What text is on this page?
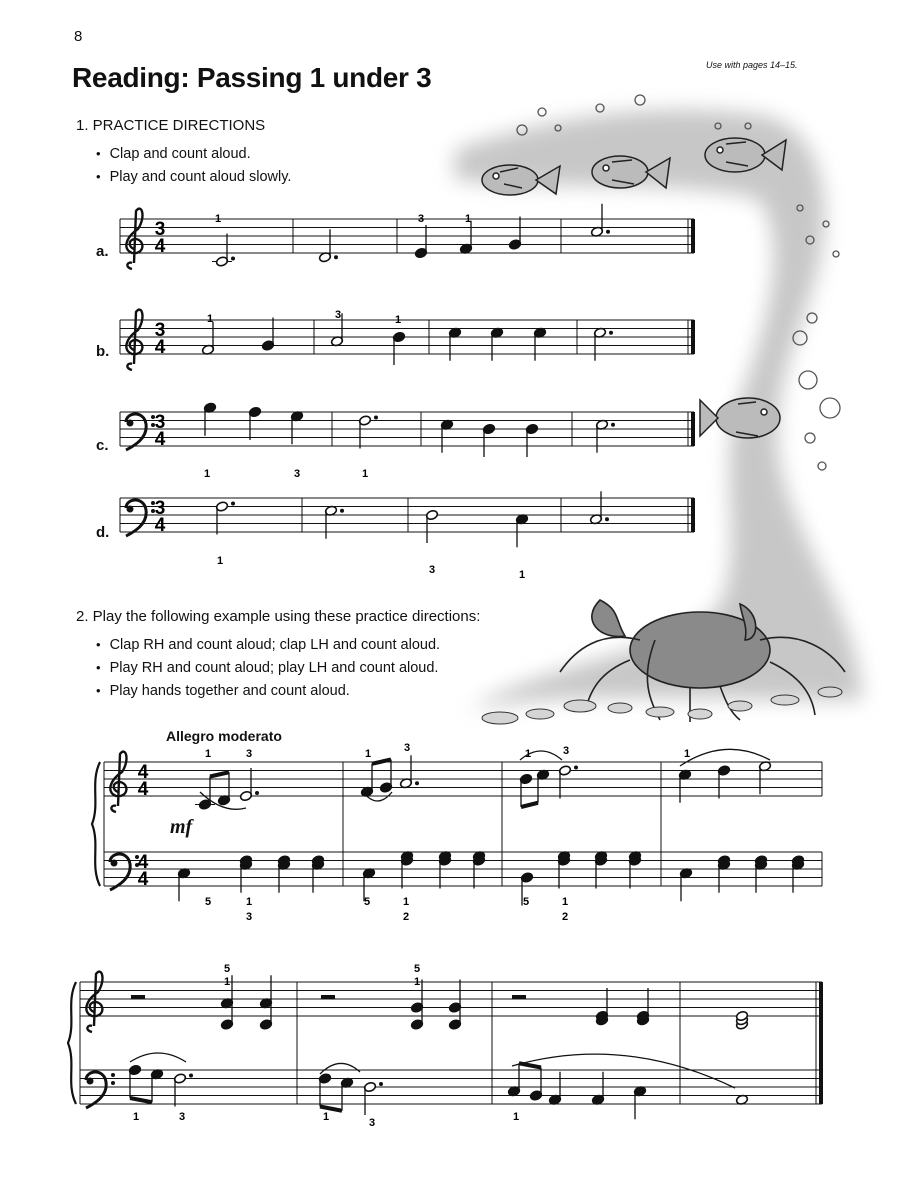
8
Use with pages 14–15.
Reading: Passing 1 under 3
1. PRACTICE DIRECTIONS
• Clap and count aloud.
• Play and count aloud slowly.
2. Play the following example using these practice directions:
• Clap RH and count aloud; clap LH and count aloud.
• Play RH and count aloud; play LH and count aloud.
• Play hands together and count aloud.
Allegro moderato
mf
a.
b.
c.
d.
3
4
3
4
3
4
3
4
1	3	1
1	3	1
1	3	1
1
3	1
4
4
4
4
1	3	1	3	1	3	1
5	1
3
5	1
2
5	1
2
5
1
5
1
1	3	1	3	1
